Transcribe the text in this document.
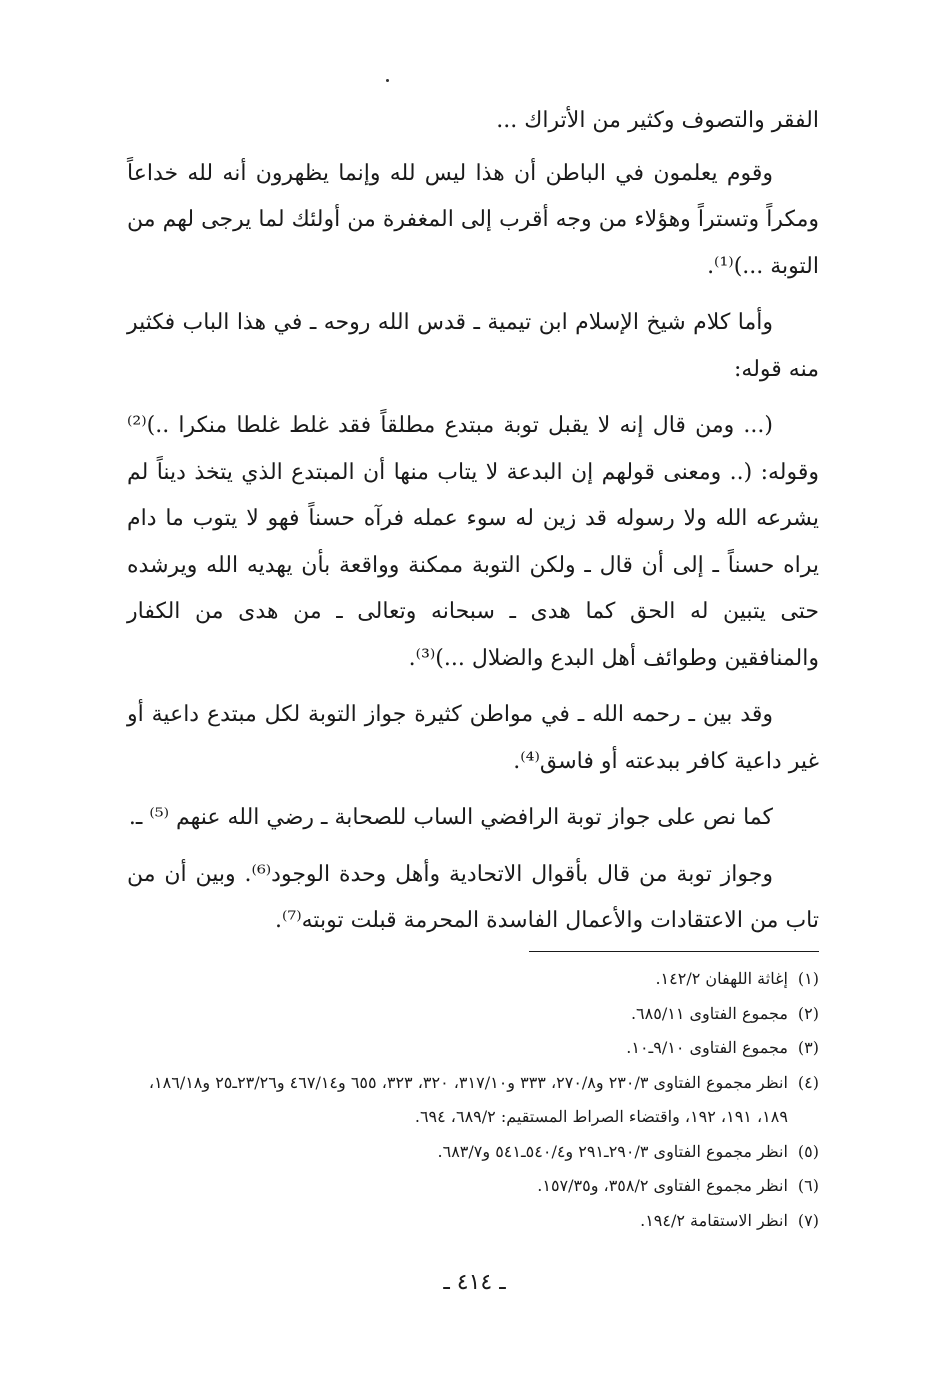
الفقر والتصوف وكثير من الأتراك ...

وقوم يعلمون في الباطن أن هذا ليس لله وإنما يظهرون أنه لله خداعاً ومكراً وتستراً وهؤلاء من وجه أقرب إلى المغفرة من أولئك لما يرجى لهم من التوبة ...)⁽¹⁾.

وأما كلام شيخ الإسلام ابن تيمية ـ قدس الله روحه ـ في هذا الباب فكثير منه قوله:

(... ومن قال إنه لا يقبل توبة مبتدع مطلقاً فقد غلط غلطا منكرا ..)⁽²⁾ وقوله: (.. ومعنى قولهم إن البدعة لا يتاب منها أن المبتدع الذي يتخذ ديناً لم يشرعه الله ولا رسوله قد زين له سوء عمله فرآه حسناً فهو لا يتوب ما دام يراه حسناً ـ إلى أن قال ـ ولكن التوبة ممكنة وواقعة بأن يهديه الله ويرشده حتى يتبين له الحق كما هدى ـ سبحانه وتعالى ـ من هدى من الكفار والمنافقين وطوائف أهل البدع والضلال ...)⁽³⁾.

وقد بين ـ رحمه الله ـ في مواطن كثيرة جواز التوبة لكل مبتدع داعية أو غير داعية كافر ببدعته أو فاسق⁽⁴⁾.

كما نص على جواز توبة الرافضي الساب للصحابة ـ رضي الله عنهم ⁽⁵⁾ ـ.

وجواز توبة من قال بأقوال الاتحادية وأهل وحدة الوجود⁽⁶⁾. وبين أن من تاب من الاعتقادات والأعمال الفاسدة المحرمة قبلت توبته⁽⁷⁾.

(١)
إغاثة اللهفان ١٤٢/٢.
(٢)
مجموع الفتاوى ٦٨٥/١١.
(٣)
مجموع الفتاوى ٩/١٠ـ١٠.
(٤)
انظر مجموع الفتاوى ٢٣٠/٣ و٢٧٠/٨، ٣٣٣ و٣١٧/١٠، ٣٢٠، ٣٢٣، ٦٥٥ و٤٦٧/١٤ و٢٣/٢٦ـ٢٥ و١٨٦/١٨، ١٨٩، ١٩١، ١٩٢، واقتضاء الصراط المستقيم: ٦٨٩/٢، ٦٩٤.
(٥)
انظر مجموع الفتاوى ٢٩٠/٣ـ٢٩١ و٥٤٠/٤ـ٥٤١ و٦٨٣/٧.
(٦)
انظر مجموع الفتاوى ٣٥٨/٢، و١٥٧/٣٥.
(٧)
انظر الاستقامة ١٩٤/٢.
ـ ٤١٤ ـ
